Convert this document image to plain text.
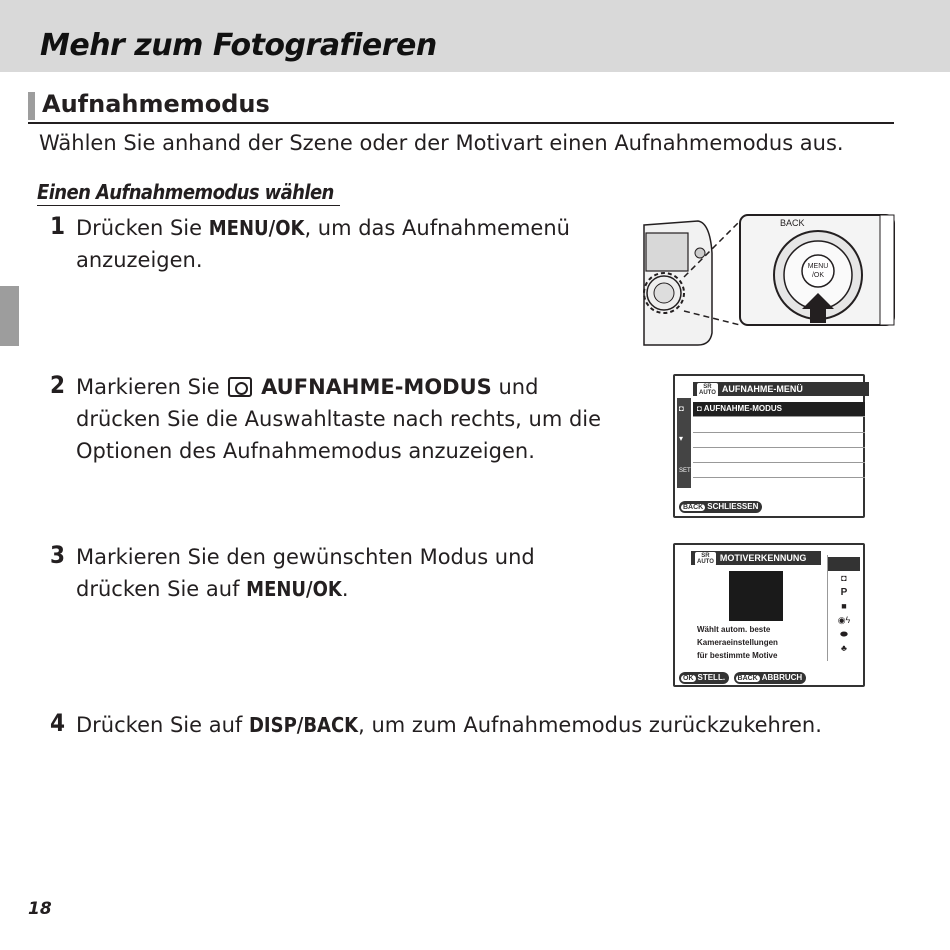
Mehr zum Fotografieren
Aufnahmemodus

Wählen Sie anhand der Szene oder der Motivart einen Aufnahmemodus aus.

Einen Aufnahmemodus wählen
1 Drücken Sie MENU/OK, um das Aufnahmemenü
anzuzeigen.
2 Markieren Sie  AUFNAHME-MODUS und
drücken Sie die Auswahltaste nach rechts, um die
Optionen des Aufnahmemodus anzuzeigen.
3 Markieren Sie den gewünschten Modus und
drücken Sie auf MENU/OK.
4 Drücken Sie auf DISP/BACK, um zum Aufnahmemodus zurückzukehren.
MENU
/OK
BACK
SR
AUTO AUFNAHME-MENÜ
◘
▾
SET
◘ AUFNAHME-MODUS
BACK SCHLIESSEN
SR
AUTO MOTIVERKENNUNG
Wählt autom. beste
Kameraeinstellungen
für bestimmte Motive
◘
P
■
◉ϟ
⬬
♣
OK STELL. BACK ABBRUCH
18
